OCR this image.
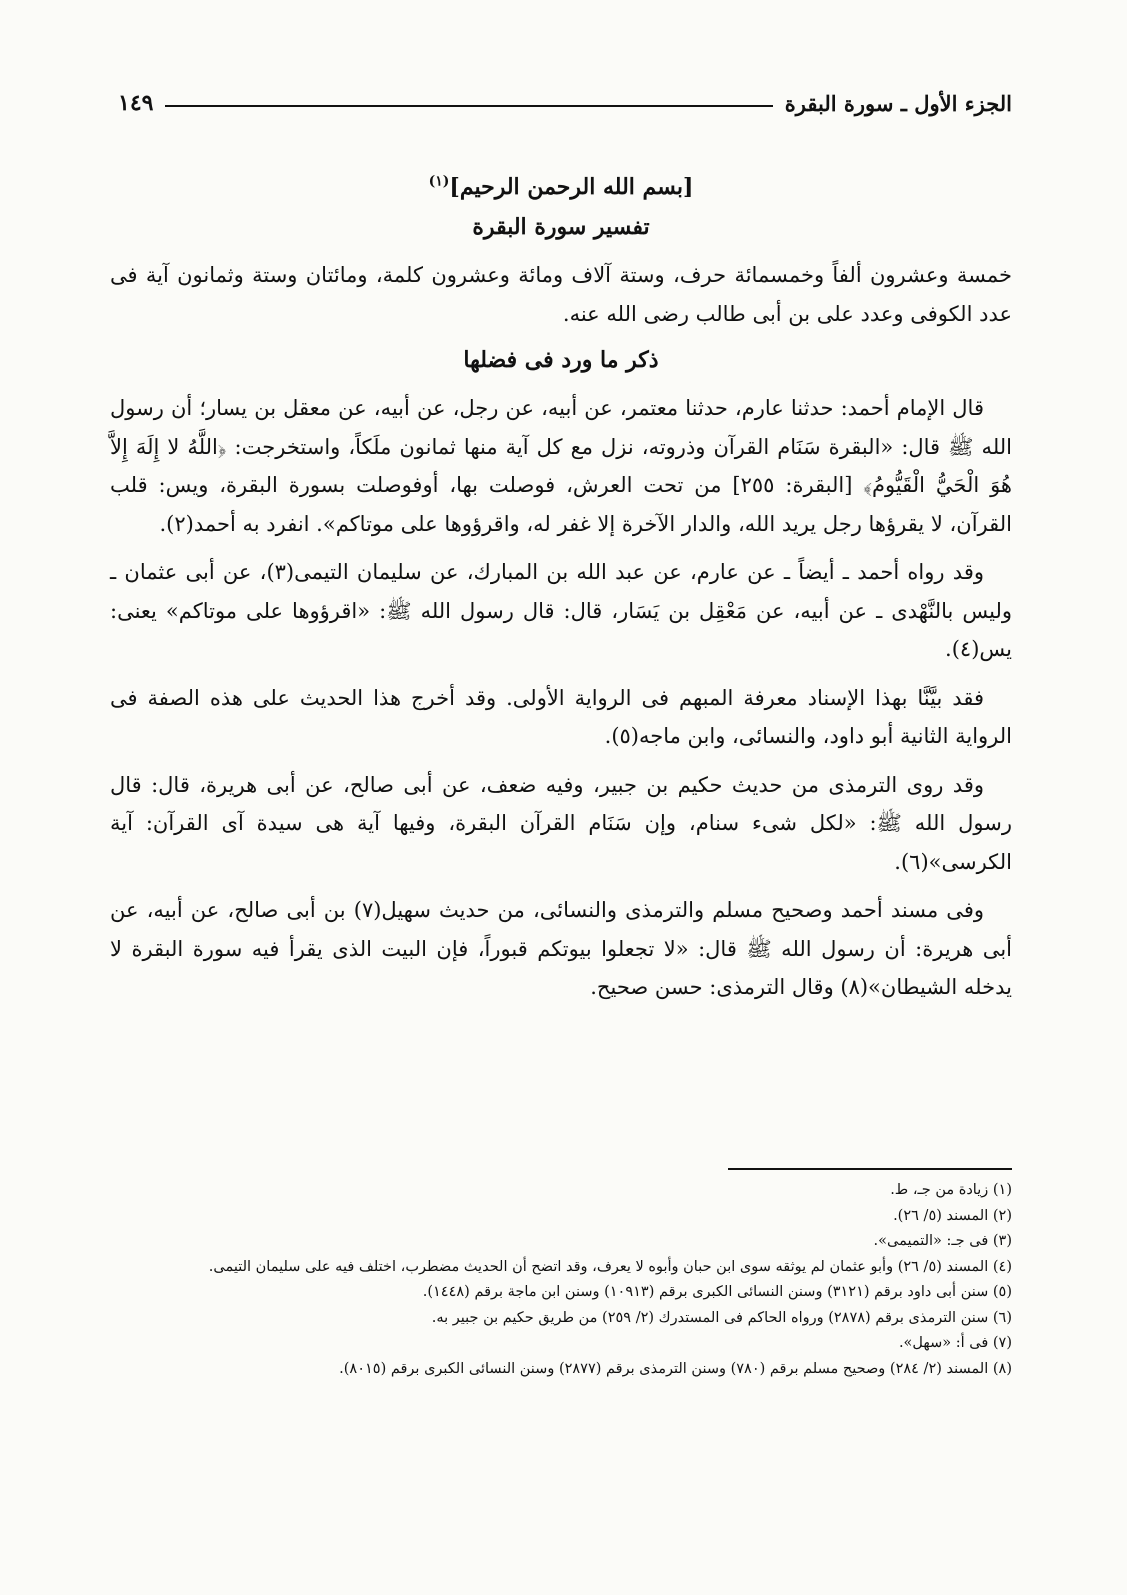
الجزء الأول ـ سورة البقرة
١٤٩
[بسم الله الرحمن الرحيم]$^{(١)}$
تفسير سورة البقرة

خمسة وعشرون ألفاً وخمسمائة حرف، وستة آلاف ومائة وعشرون كلمة، ومائتان وستة وثمانون آية فى عدد الكوفى وعدد على بن أبى طالب رضى الله عنه.

ذكر ما ورد فى فضلها

قال الإمام أحمد: حدثنا عارم، حدثنا معتمر، عن أبيه، عن رجل، عن أبيه، عن معقل بن يسار؛ أن رسول الله ﷺ قال: «البقرة سَنَام القرآن وذروته، نزل مع كل آية منها ثمانون ملَكاً، واستخرجت: ﴿اللَّهُ لا إِلَهَ إِلاَّ هُوَ الْحَيُّ الْقَيُّومُ﴾ [البقرة: ٢٥٥] من تحت العرش، فوصلت بها، أوفوصلت بسورة البقرة، ويس: قلب القرآن، لا يقرؤها رجل يريد الله، والدار الآخرة إلا غفر له، واقرؤوها على موتاكم». انفرد به أحمد(٢).

وقد رواه أحمد ـ أيضاً ـ عن عارم، عن عبد الله بن المبارك، عن سليمان التيمى(٣)، عن أبى عثمان ـ وليس بالنَّهْدى ـ عن أبيه، عن مَعْقِل بن يَسَار، قال: قال رسول الله ﷺ: «اقرؤوها على موتاكم» يعنى: يس(٤).

فقد بيَّنَّا بهذا الإسناد معرفة المبهم فى الرواية الأولى. وقد أخرج هذا الحديث على هذه الصفة فى الرواية الثانية أبو داود، والنسائى، وابن ماجه(٥).

وقد روى الترمذى من حديث حكيم بن جبير، وفيه ضعف، عن أبى صالح، عن أبى هريرة، قال: قال رسول الله ﷺ: «لكل شىء سنام، وإن سَنَام القرآن البقرة، وفيها آية هى سيدة آى القرآن: آية الكرسى»(٦).

وفى مسند أحمد وصحيح مسلم والترمذى والنسائى، من حديث سهيل(٧) بن أبى صالح، عن أبيه، عن أبى هريرة: أن رسول الله ﷺ قال: «لا تجعلوا بيوتكم قبوراً، فإن البيت الذى يقرأ فيه سورة البقرة لا يدخله الشيطان»(٨) وقال الترمذى: حسن صحيح.

(١) زيادة من جـ، ط.

(٢) المسند (٥/ ٢٦).

(٣) فى جـ: «التميمى».

(٤) المسند (٥/ ٢٦) وأبو عثمان لم يوثقه سوى ابن حبان وأبوه لا يعرف، وقد اتضح أن الحديث مضطرب، اختلف فيه على سليمان التيمى.

(٥) سنن أبى داود برقم (٣١٢١) وسنن النسائى الكبرى برقم (١٠٩١٣) وسنن ابن ماجة برقم (١٤٤٨).

(٦) سنن الترمذى برقم (٢٨٧٨) ورواه الحاكم فى المستدرك (٢/ ٢٥٩) من طريق حكيم بن جبير به.

(٧) فى أ: «سهل».

(٨) المسند (٢/ ٢٨٤) وصحيح مسلم برقم (٧٨٠) وسنن الترمذى برقم (٢٨٧٧) وسنن النسائى الكبرى برقم (٨٠١٥).
